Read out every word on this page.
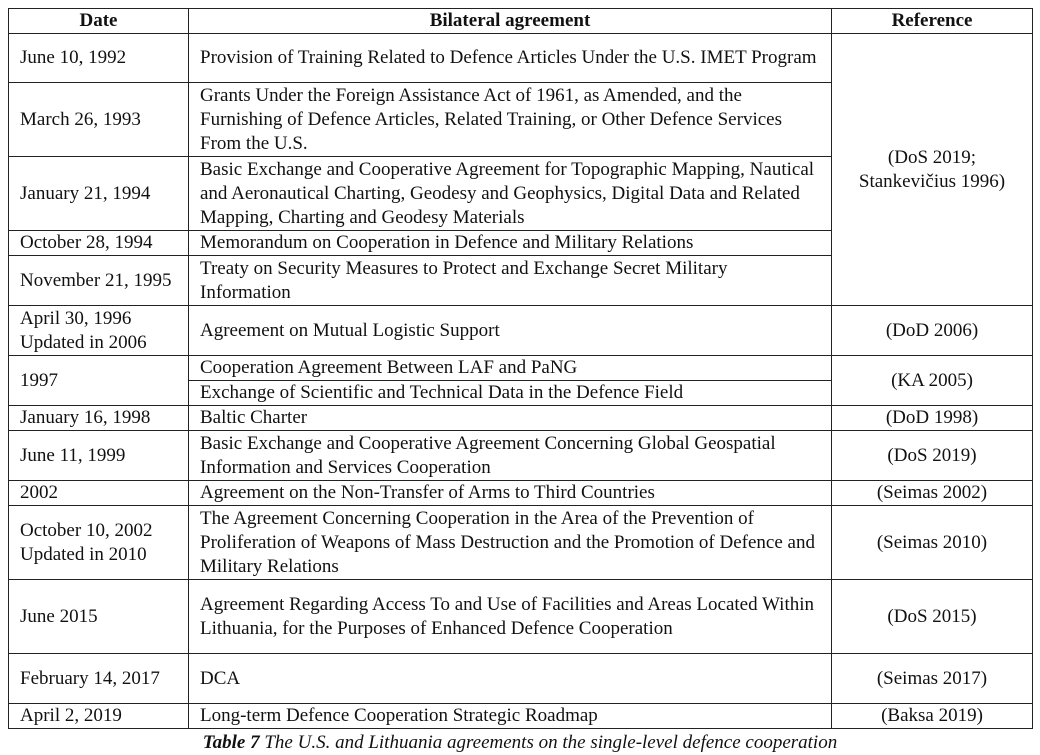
Date	Bilateral agreement	Reference
June 10, 1992	Provision of Training Related to Defence Articles Under the U.S. IMET Program	(DoS 2019; Stankevičius 1996)
March 26, 1993	Grants Under the Foreign Assistance Act of 1961, as Amended, and the Furnishing of Defence Articles, Related Training, or Other Defence Services From the U.S.	
January 21, 1994	Basic Exchange and Cooperative Agreement for Topographic Mapping, Nautical and Aeronautical Charting, Geodesy and Geophysics, Digital Data and Related Mapping, Charting and Geodesy Materials	
October 28, 1994	Memorandum on Cooperation in Defence and Military Relations	
November 21, 1995	Treaty on Security Measures to Protect and Exchange Secret Military Information	
April 30, 1996 Updated in 2006	Agreement on Mutual Logistic Support	(DoD 2006)
1997	Cooperation Agreement Between LAF and PaNG	(KA 2005)
	Exchange of Scientific and Technical Data in the Defence Field	
January 16, 1998	Baltic Charter	(DoD 1998)
June 11, 1999	Basic Exchange and Cooperative Agreement Concerning Global Geospatial Information and Services Cooperation	(DoS 2019)
2002	Agreement on the Non-Transfer of Arms to Third Countries	(Seimas 2002)
October 10, 2002 Updated in 2010	The Agreement Concerning Cooperation in the Area of the Prevention of Proliferation of Weapons of Mass Destruction and the Promotion of Defence and Military Relations	(Seimas 2010)
June 2015	Agreement Regarding Access To and Use of Facilities and Areas Located Within Lithuania, for the Purposes of Enhanced Defence Cooperation	(DoS 2015)
February 14, 2017	DCA	(Seimas 2017)
April 2, 2019	Long-term Defence Cooperation Strategic Roadmap	(Baksa 2019)
Table 7 The U.S. and Lithuania agreements on the single-level defence cooperation
